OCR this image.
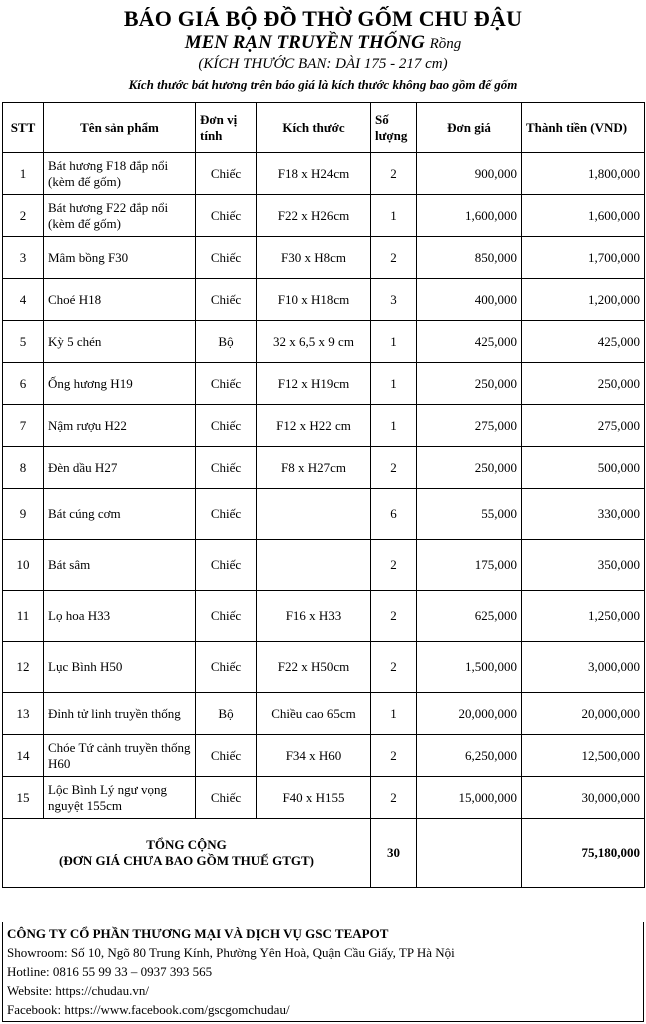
BÁO GIÁ BỘ ĐỒ THỜ GỐM CHU ĐẬU
MEN RẠN TRUYỀN THỐNG Rồng
(KÍCH THƯỚC BAN: DÀI 175 - 217 cm)
Kích thước bát hương trên báo giá là kích thước không bao gồm đế gốm
STT	Tên sản phẩm	Đơn vị tính	Kích thước	Số lượng	Đơn giá	Thành tiền (VND)
1	Bát hương F18 đắp nổi (kèm đế gốm)	Chiếc	F18 x H24cm	2	900,000	1,800,000
2	Bát hương F22 đắp nổi (kèm đế gốm)	Chiếc	F22 x H26cm	1	1,600,000	1,600,000
3	Mâm bồng F30	Chiếc	F30 x H8cm	2	850,000	1,700,000
4	Choé H18	Chiếc	F10 x H18cm	3	400,000	1,200,000
5	Kỳ 5 chén	Bộ	32 x 6,5 x 9 cm	1	425,000	425,000
6	Ống hương H19	Chiếc	F12 x H19cm	1	250,000	250,000
7	Nậm rượu H22	Chiếc	F12 x H22 cm	1	275,000	275,000
8	Đèn dầu H27	Chiếc	F8 x H27cm	2	250,000	500,000
9	Bát cúng cơm	Chiếc		6	55,000	330,000
10	Bát sâm	Chiếc		2	175,000	350,000
11	Lọ hoa H33	Chiếc	F16 x H33	2	625,000	1,250,000
12	Lục Bình H50	Chiếc	F22 x H50cm	2	1,500,000	3,000,000
13	Đỉnh tử linh truyền thống	Bộ	Chiều cao 65cm	1	20,000,000	20,000,000
14	Chóe Tứ cảnh truyền thống H60	Chiếc	F34 x H60	2	6,250,000	12,500,000
15	Lộc Bình Lý ngư vọng nguyệt 155cm	Chiếc	F40 x H155	2	15,000,000	30,000,000

TỔNG CỘNG
(ĐƠN GIÁ CHƯA BAO GỒM THUẾ GTGT)				30		75,180,000
CÔNG TY CỔ PHẦN THƯƠNG MẠI VÀ DỊCH VỤ GSC TEAPOT
Showroom: Số 10, Ngõ 80 Trung Kính, Phường Yên Hoà, Quận Cầu Giấy, TP Hà Nội
Hotline: 0816 55 99 33 – 0937 393 565
Website: https://chudau.vn/
Facebook: https://www.facebook.com/gscgomchudau/
